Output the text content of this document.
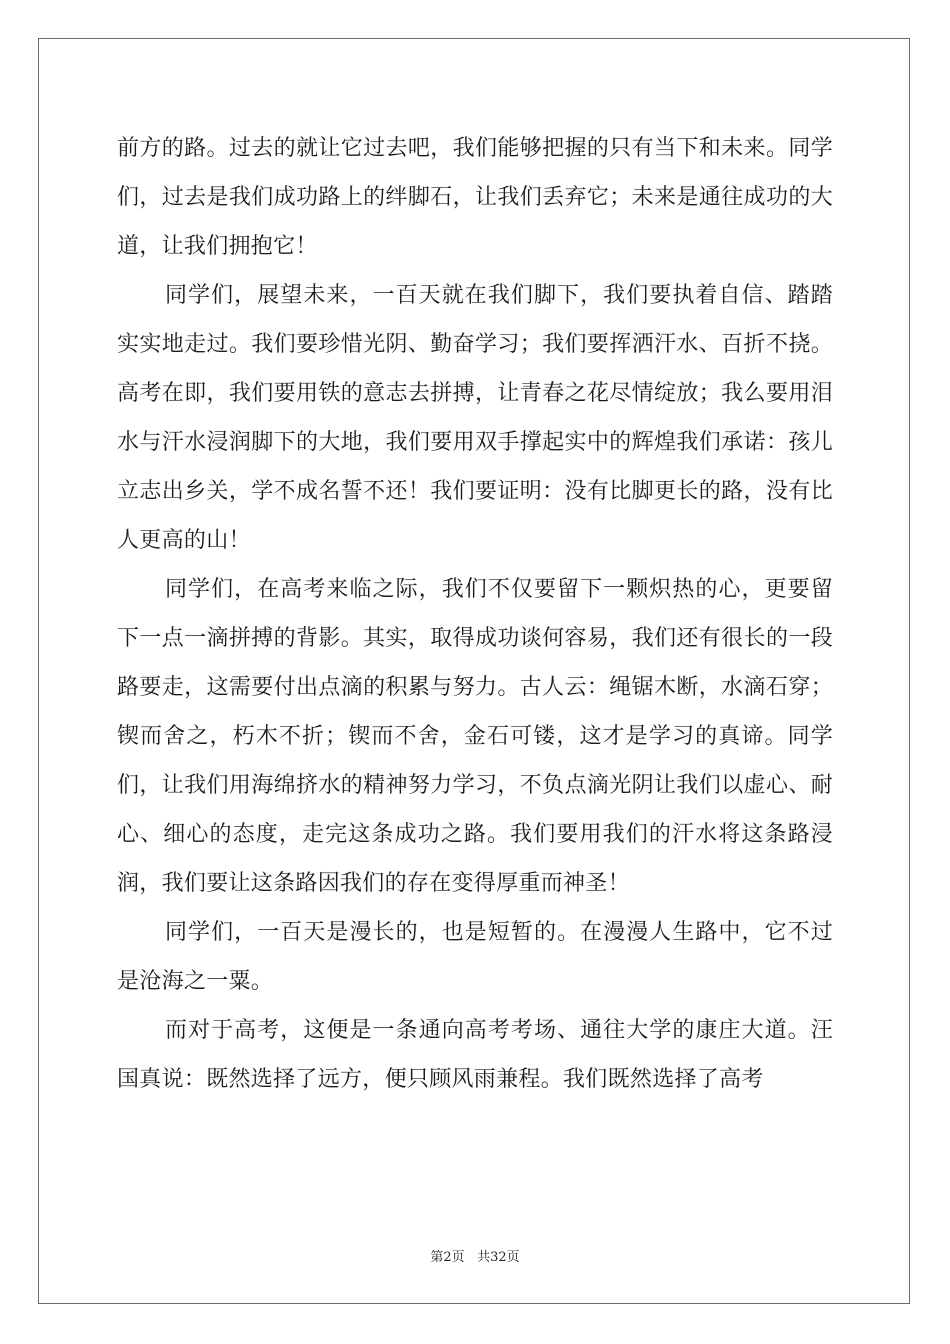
前方的路。过去的就让它过去吧，我们能够把握的只有当下和未来。同学们，过去是我们成功路上的绊脚石，让我们丢弃它；未来是通往成功的大道，让我们拥抱它！

同学们，展望未来，一百天就在我们脚下，我们要执着自信、踏踏实实地走过。我们要珍惜光阴、勤奋学习；我们要挥洒汗水、百折不挠。高考在即，我们要用铁的意志去拼搏，让青春之花尽情绽放；我么要用泪水与汗水浸润脚下的大地，我们要用双手撑起实中的辉煌我们承诺：孩儿立志出乡关，学不成名誓不还！我们要证明：没有比脚更长的路，没有比人更高的山！

同学们，在高考来临之际，我们不仅要留下一颗炽热的心，更要留下一点一滴拼搏的背影。其实，取得成功谈何容易，我们还有很长的一段路要走，这需要付出点滴的积累与努力。古人云：绳锯木断，水滴石穿；锲而舍之，朽木不折；锲而不舍，金石可镂，这才是学习的真谛。同学们，让我们用海绵挤水的精神努力学习，不负点滴光阴让我们以虚心、耐心、细心的态度，走完这条成功之路。我们要用我们的汗水将这条路浸润，我们要让这条路因我们的存在变得厚重而神圣！

同学们，一百天是漫长的，也是短暂的。在漫漫人生路中，它不过是沧海之一粟。

而对于高考，这便是一条通向高考考场、通往大学的康庄大道。汪国真说：既然选择了远方，便只顾风雨兼程。我们既然选择了高考

第2页 共32页
